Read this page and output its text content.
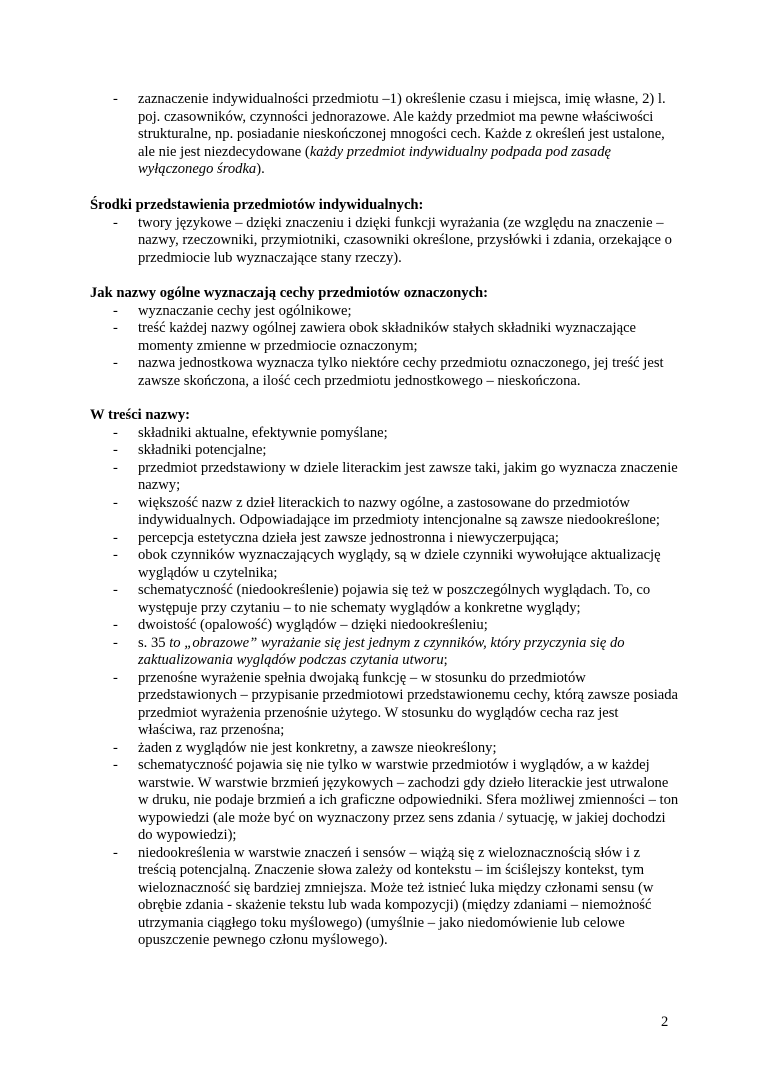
- zaznaczenie indywidualności przedmiotu –1) określenie czasu i miejsca, imię własne, 2) l. poj. czasowników, czynności jednorazowe. Ale każdy przedmiot ma pewne właściwości strukturalne, np. posiadanie nieskończonej mnogości cech. Każde z określeń jest ustalone, ale nie jest niezdecydowane (każdy przedmiot indywidualny podpada pod zasadę wyłączonego środka).
Środki przedstawienia przedmiotów indywidualnych:
- twory językowe – dzięki znaczeniu i dzięki funkcji wyrażania (ze względu na znaczenie – nazwy, rzeczowniki, przymiotniki, czasowniki określone, przysłówki i zdania, orzekające o przedmiocie lub wyznaczające stany rzeczy).
Jak nazwy ogólne wyznaczają cechy przedmiotów oznaczonych:
- wyznaczanie cechy jest ogólnikowe;
- treść każdej nazwy ogólnej zawiera obok składników stałych składniki wyznaczające momenty zmienne w przedmiocie oznaczonym;
- nazwa jednostkowa wyznacza tylko niektóre cechy przedmiotu oznaczonego, jej treść jest zawsze skończona, a ilość cech przedmiotu jednostkowego – nieskończona.
W treści nazwy:
- składniki aktualne, efektywnie pomyślane;
- składniki potencjalne;
- przedmiot przedstawiony w dziele literackim jest zawsze taki, jakim go wyznacza znaczenie nazwy;
- większość nazw z dzieł literackich to nazwy ogólne, a zastosowane do przedmiotów indywidualnych. Odpowiadające im przedmioty intencjonalne są zawsze niedookreślone;
- percepcja estetyczna dzieła jest zawsze jednostronna i niewyczerpująca;
- obok czynników wyznaczających wyglądy, są w dziele czynniki wywołujące aktualizację wyglądów u czytelnika;
- schematyczność (niedookreślenie) pojawia się też w poszczególnych wyglądach. To, co występuje przy czytaniu – to nie schematy wyglądów a konkretne wyglądy;
- dwoistość (opalowość) wyglądów – dzięki niedookreśleniu;
- s. 35 to „obrazowe” wyrażanie się jest jednym z czynników, który przyczynia się do zaktualizowania wyglądów podczas czytania utworu;
- przenośne wyrażenie spełnia dwojaką funkcję – w stosunku do przedmiotów przedstawionych – przypisanie przedmiotowi przedstawionemu cechy, którą zawsze posiada przedmiot wyrażenia przenośnie użytego. W stosunku do wyglądów cecha raz jest właściwa, raz przenośna;
- żaden z wyglądów nie jest konkretny, a zawsze nieokreślony;
- schematyczność pojawia się nie tylko w warstwie przedmiotów i wyglądów, a w każdej warstwie. W warstwie brzmień językowych – zachodzi gdy dzieło literackie jest utrwalone w druku, nie podaje brzmień a ich graficzne odpowiedniki. Sfera możliwej zmienności – ton wypowiedzi (ale może być on wyznaczony przez sens zdania / sytuację, w jakiej dochodzi do wypowiedzi);
- niedookreślenia w warstwie znaczeń i sensów – wiążą się z wieloznacznością słów i z treścią potencjalną. Znaczenie słowa zależy od kontekstu – im ściślejszy kontekst, tym wieloznaczność się bardziej zmniejsza. Może też istnieć luka między członami sensu (w obrębie zdania - skażenie tekstu lub wada kompozycji) (między zdaniami – niemożność utrzymania ciągłego toku myślowego) (umyślnie – jako niedomówienie lub celowe opuszczenie pewnego członu myślowego).
2
